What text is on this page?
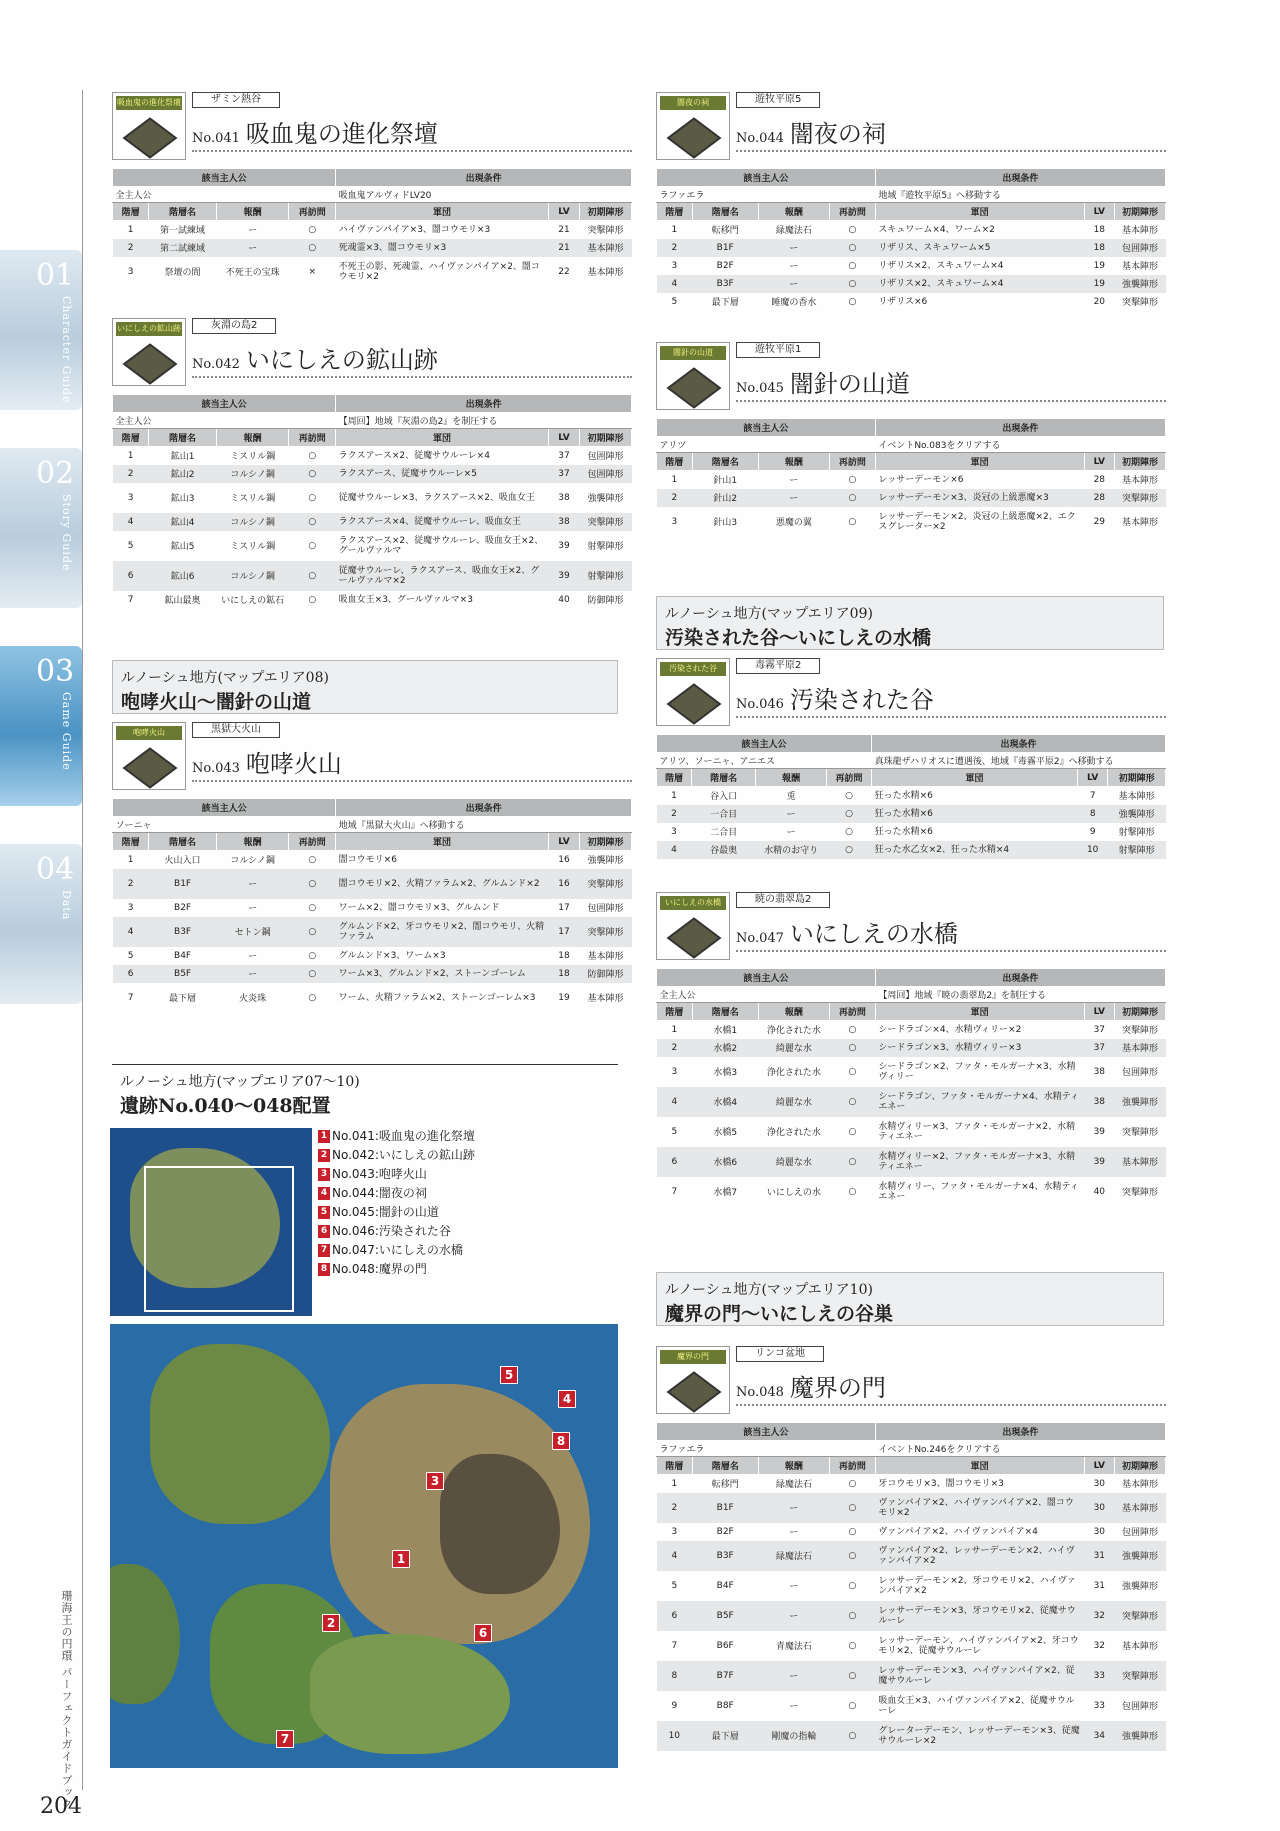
01
Character Guide
02
Story Guide
03
Game Guide
04
Data
珊海王の円環 パーフェクトガイドブック
204
吸血鬼の進化祭壇	ザミン熱谷
No.041 吸血鬼の進化祭壇
該当主人公				出現条件		
全主人公				吸血鬼アルヴィドLV20		
階層	階層名	報酬	再訪問	軍団	LV	初期陣形
1	第一試練域	ー	○	ハイヴァンパイア×3、闇コウモリ×3	21	突撃陣形
2	第二試練域	ー	○	死魂霊×3、闇コウモリ×3	21	基本陣形
3	祭壇の間	不死王の宝珠	×	不死王の影、死魂霊、ハイヴァンパイア×2、闇コウモリ×2	22	基本陣形
いにしえの鉱山跡	灰淵の島2
No.042 いにしえの鉱山跡
該当主人公				出現条件		
全主人公				【周回】地域『灰淵の島2』を制圧する		
階層	階層名	報酬	再訪問	軍団	LV	初期陣形
1	鉱山1	ミスリル鋼	○	ラクスアース×2、従魔サウルーレ×4	37	包囲陣形
2	鉱山2	コルシノ鋼	○	ラクスアース、従魔サウルーレ×5	37	包囲陣形
3	鉱山3	ミスリル鋼	○	従魔サウルーレ×3、ラクスアース×2、吸血女王	38	強襲陣形
4	鉱山4	コルシノ鋼	○	ラクスアース×4、従魔サウルーレ、吸血女王	38	突撃陣形
5	鉱山5	ミスリル鋼	○	ラクスアース×2、従魔サウルーレ、吸血女王×2、グールヴァルマ	39	射撃陣形
6	鉱山6	コルシノ鋼	○	従魔サウルーレ、ラクスアース、吸血女王×2、グールヴァルマ×2	39	射撃陣形
7	鉱山最奥	いにしえの鉱石	○	吸血女王×3、グールヴァルマ×3	40	防御陣形
ルノーシュ地方(マップエリア08)
咆哮火山〜闇針の山道
咆哮火山	黒獄大火山
No.043 咆哮火山
該当主人公				出現条件		
ソーニャ				地域『黒獄大火山』へ移動する		
階層	階層名	報酬	再訪問	軍団	LV	初期陣形
1	火山入口	コルシノ鋼	○	闇コウモリ×6	16	強襲陣形
2	B1F	ー	○	闇コウモリ×2、火精ファラム×2、グルムンド×2	16	突撃陣形
3	B2F	ー	○	ワーム×2、闇コウモリ×3、グルムンド	17	包囲陣形
4	B3F	セトン鋼	○	グルムンド×2、牙コウモリ×2、闇コウモリ、火精ファラム	17	突撃陣形
5	B4F	ー	○	グルムンド×3、ワーム×3	18	基本陣形
6	B5F	ー	○	ワーム×3、グルムンド×2、ストーンゴーレム	18	防御陣形
7	最下層	火炎珠	○	ワーム、火精ファラム×2、ストーンゴーレム×3	19	基本陣形
ルノーシュ地方(マップエリア07〜10)
遺跡No.040〜048配置
1 No.041:吸血鬼の進化祭壇
2 No.042:いにしえの鉱山跡
3 No.043:咆哮火山
4 No.044:闇夜の祠
5 No.045:闇針の山道
6 No.046:汚染された谷
7 No.047:いにしえの水橋
8 No.048:魔界の門
1
2
3
4
5
6
7
8
闇夜の祠	遊牧平原5
No.044 闇夜の祠
該当主人公				出現条件		
ラファエラ				地域『遊牧平原5』へ移動する		
階層	階層名	報酬	再訪問	軍団	LV	初期陣形
1	転移門	緑魔法石	○	スキュワーム×4、ワーム×2	18	基本陣形
2	B1F	ー	○	リザリス、スキュワーム×5	18	包囲陣形
3	B2F	ー	○	リザリス×2、スキュワーム×4	19	基本陣形
4	B3F	ー	○	リザリス×2、スキュワーム×4	19	強襲陣形
5	最下層	睡魔の香水	○	リザリス×6	20	突撃陣形
闇針の山道	遊牧平原1
No.045 闇針の山道
該当主人公				出現条件		
アリツ				イベントNo.083をクリアする		
階層	階層名	報酬	再訪問	軍団	LV	初期陣形
1	針山1	ー	○	レッサーデーモン×6	28	基本陣形
2	針山2	ー	○	レッサーデーモン×3、炎冠の上級悪魔×3	28	突撃陣形
3	針山3	悪魔の翼	○	レッサーデーモン×2、炎冠の上級悪魔×2、エクスグレーター×2	29	基本陣形
ルノーシュ地方(マップエリア09)
汚染された谷〜いにしえの水橋
汚染された谷	毒霧平原2
No.046 汚染された谷
該当主人公				出現条件		
アリツ、ソーニャ、アニエス				真珠龍ザハリオスに遭遇後、地域『毒霧平原2』へ移動する		
階層	階層名	報酬	再訪問	軍団	LV	初期陣形
1	谷入口	兎	○	狂った水精×6	7	基本陣形
2	一合目	ー	○	狂った水精×6	8	強襲陣形
3	二合目	ー	○	狂った水精×6	9	射撃陣形
4	谷最奥	水精のお守り	○	狂った水乙女×2、狂った水精×4	10	射撃陣形
いにしえの水橋	暁の翡翠島2
No.047 いにしえの水橋
該当主人公				出現条件		
全主人公				【周回】地域『暁の翡翠島2』を制圧する		
階層	階層名	報酬	再訪問	軍団	LV	初期陣形
1	水橋1	浄化された水	○	シードラゴン×4、水精ヴィリー×2	37	突撃陣形
2	水橋2	綺麗な水	○	シードラゴン×3、水精ヴィリー×3	37	基本陣形
3	水橋3	浄化された水	○	シードラゴン×2、ファタ・モルガーナ×3、水精ヴィリー	38	包囲陣形
4	水橋4	綺麗な水	○	シードラゴン、ファタ・モルガーナ×4、水精ティエネー	38	強襲陣形
5	水橋5	浄化された水	○	水精ヴィリー×3、ファタ・モルガーナ×2、水精ティエネー	39	突撃陣形
6	水橋6	綺麗な水	○	水精ヴィリー×2、ファタ・モルガーナ×3、水精ティエネー	39	基本陣形
7	水橋7	いにしえの水	○	水精ヴィリー、ファタ・モルガーナ×4、水精ティエネー	40	突撃陣形
ルノーシュ地方(マップエリア10)
魔界の門〜いにしえの谷巣
魔界の門	リンコ盆地
No.048 魔界の門
該当主人公				出現条件		
ラファエラ				イベントNo.246をクリアする		
階層	階層名	報酬	再訪問	軍団	LV	初期陣形
1	転移門	緑魔法石	○	牙コウモリ×3、闇コウモリ×3	30	基本陣形
2	B1F	ー	○	ヴァンパイア×2、ハイヴァンパイア×2、闇コウモリ×2	30	基本陣形
3	B2F	ー	○	ヴァンパイア×2、ハイヴァンパイア×4	30	包囲陣形
4	B3F	緑魔法石	○	ヴァンパイア×2、レッサーデーモン×2、ハイヴァンパイア×2	31	強襲陣形
5	B4F	ー	○	レッサーデーモン×2、牙コウモリ×2、ハイヴァンパイア×2	31	強襲陣形
6	B5F	ー	○	レッサーデーモン×3、牙コウモリ×2、従魔サウルーレ	32	突撃陣形
7	B6F	青魔法石	○	レッサーデーモン、ハイヴァンパイア×2、牙コウモリ×2、従魔サウルーレ	32	基本陣形
8	B7F	ー	○	レッサーデーモン×3、ハイヴァンパイア×2、従魔サウルーレ	33	突撃陣形
9	B8F	ー	○	吸血女王×3、ハイヴァンパイア×2、従魔サウルーレ	33	包囲陣形
10	最下層	剛魔の指輪	○	グレーターデーモン、レッサーデーモン×3、従魔サウルーレ×2	34	強襲陣形
